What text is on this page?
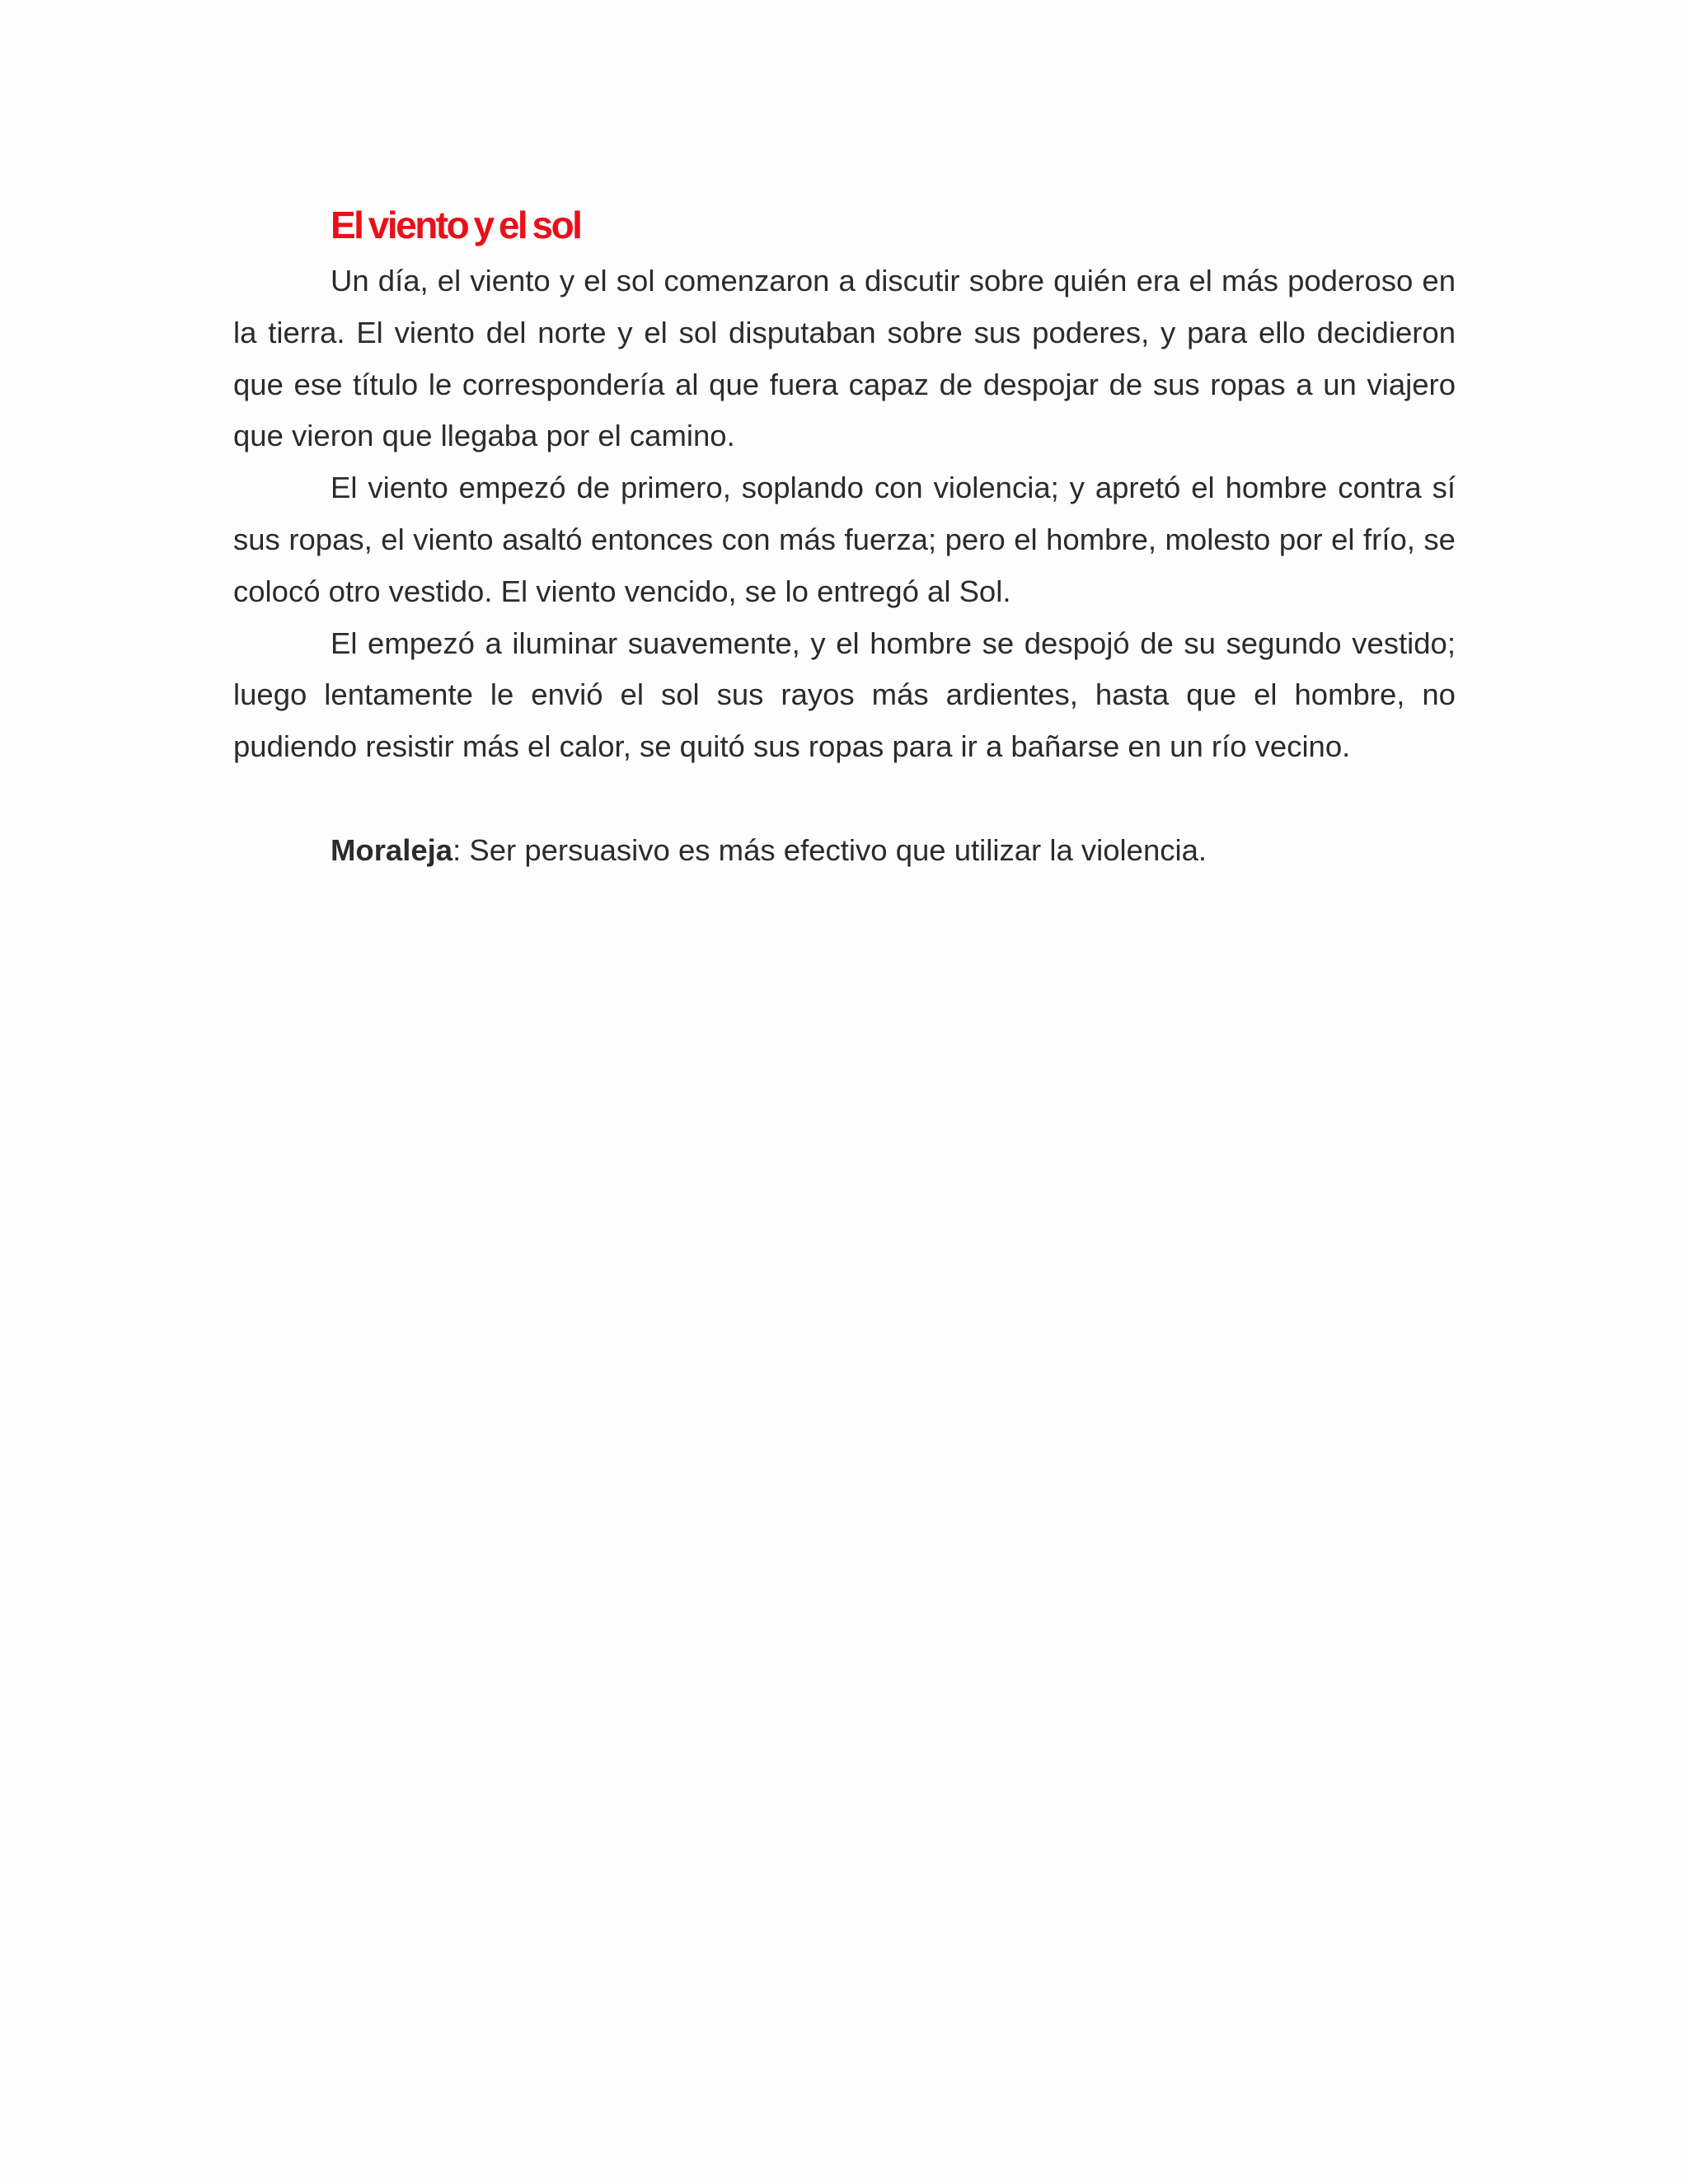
El viento y el sol

Un día, el viento y el sol comenzaron a discutir sobre quién era el más poderoso en la tierra. El viento del norte y el sol disputaban sobre sus poderes, y para ello decidieron que ese título le correspondería al que fuera capaz de despojar de sus ropas a un viajero que vieron que llegaba por el camino.

El viento empezó de primero, soplando con violencia; y apretó el hombre contra sí sus ropas, el viento asaltó entonces con más fuerza; pero el hombre, molesto por el frío, se colocó otro vestido. El viento vencido, se lo entregó al Sol.

El empezó a iluminar suavemente, y el hombre se despojó de su segundo vestido; luego lentamente le envió el sol sus rayos más ardientes, hasta que el hombre, no pudiendo resistir más el calor, se quitó sus ropas para ir a bañarse en un río vecino.

Moraleja: Ser persuasivo es más efectivo que utilizar la violencia.
